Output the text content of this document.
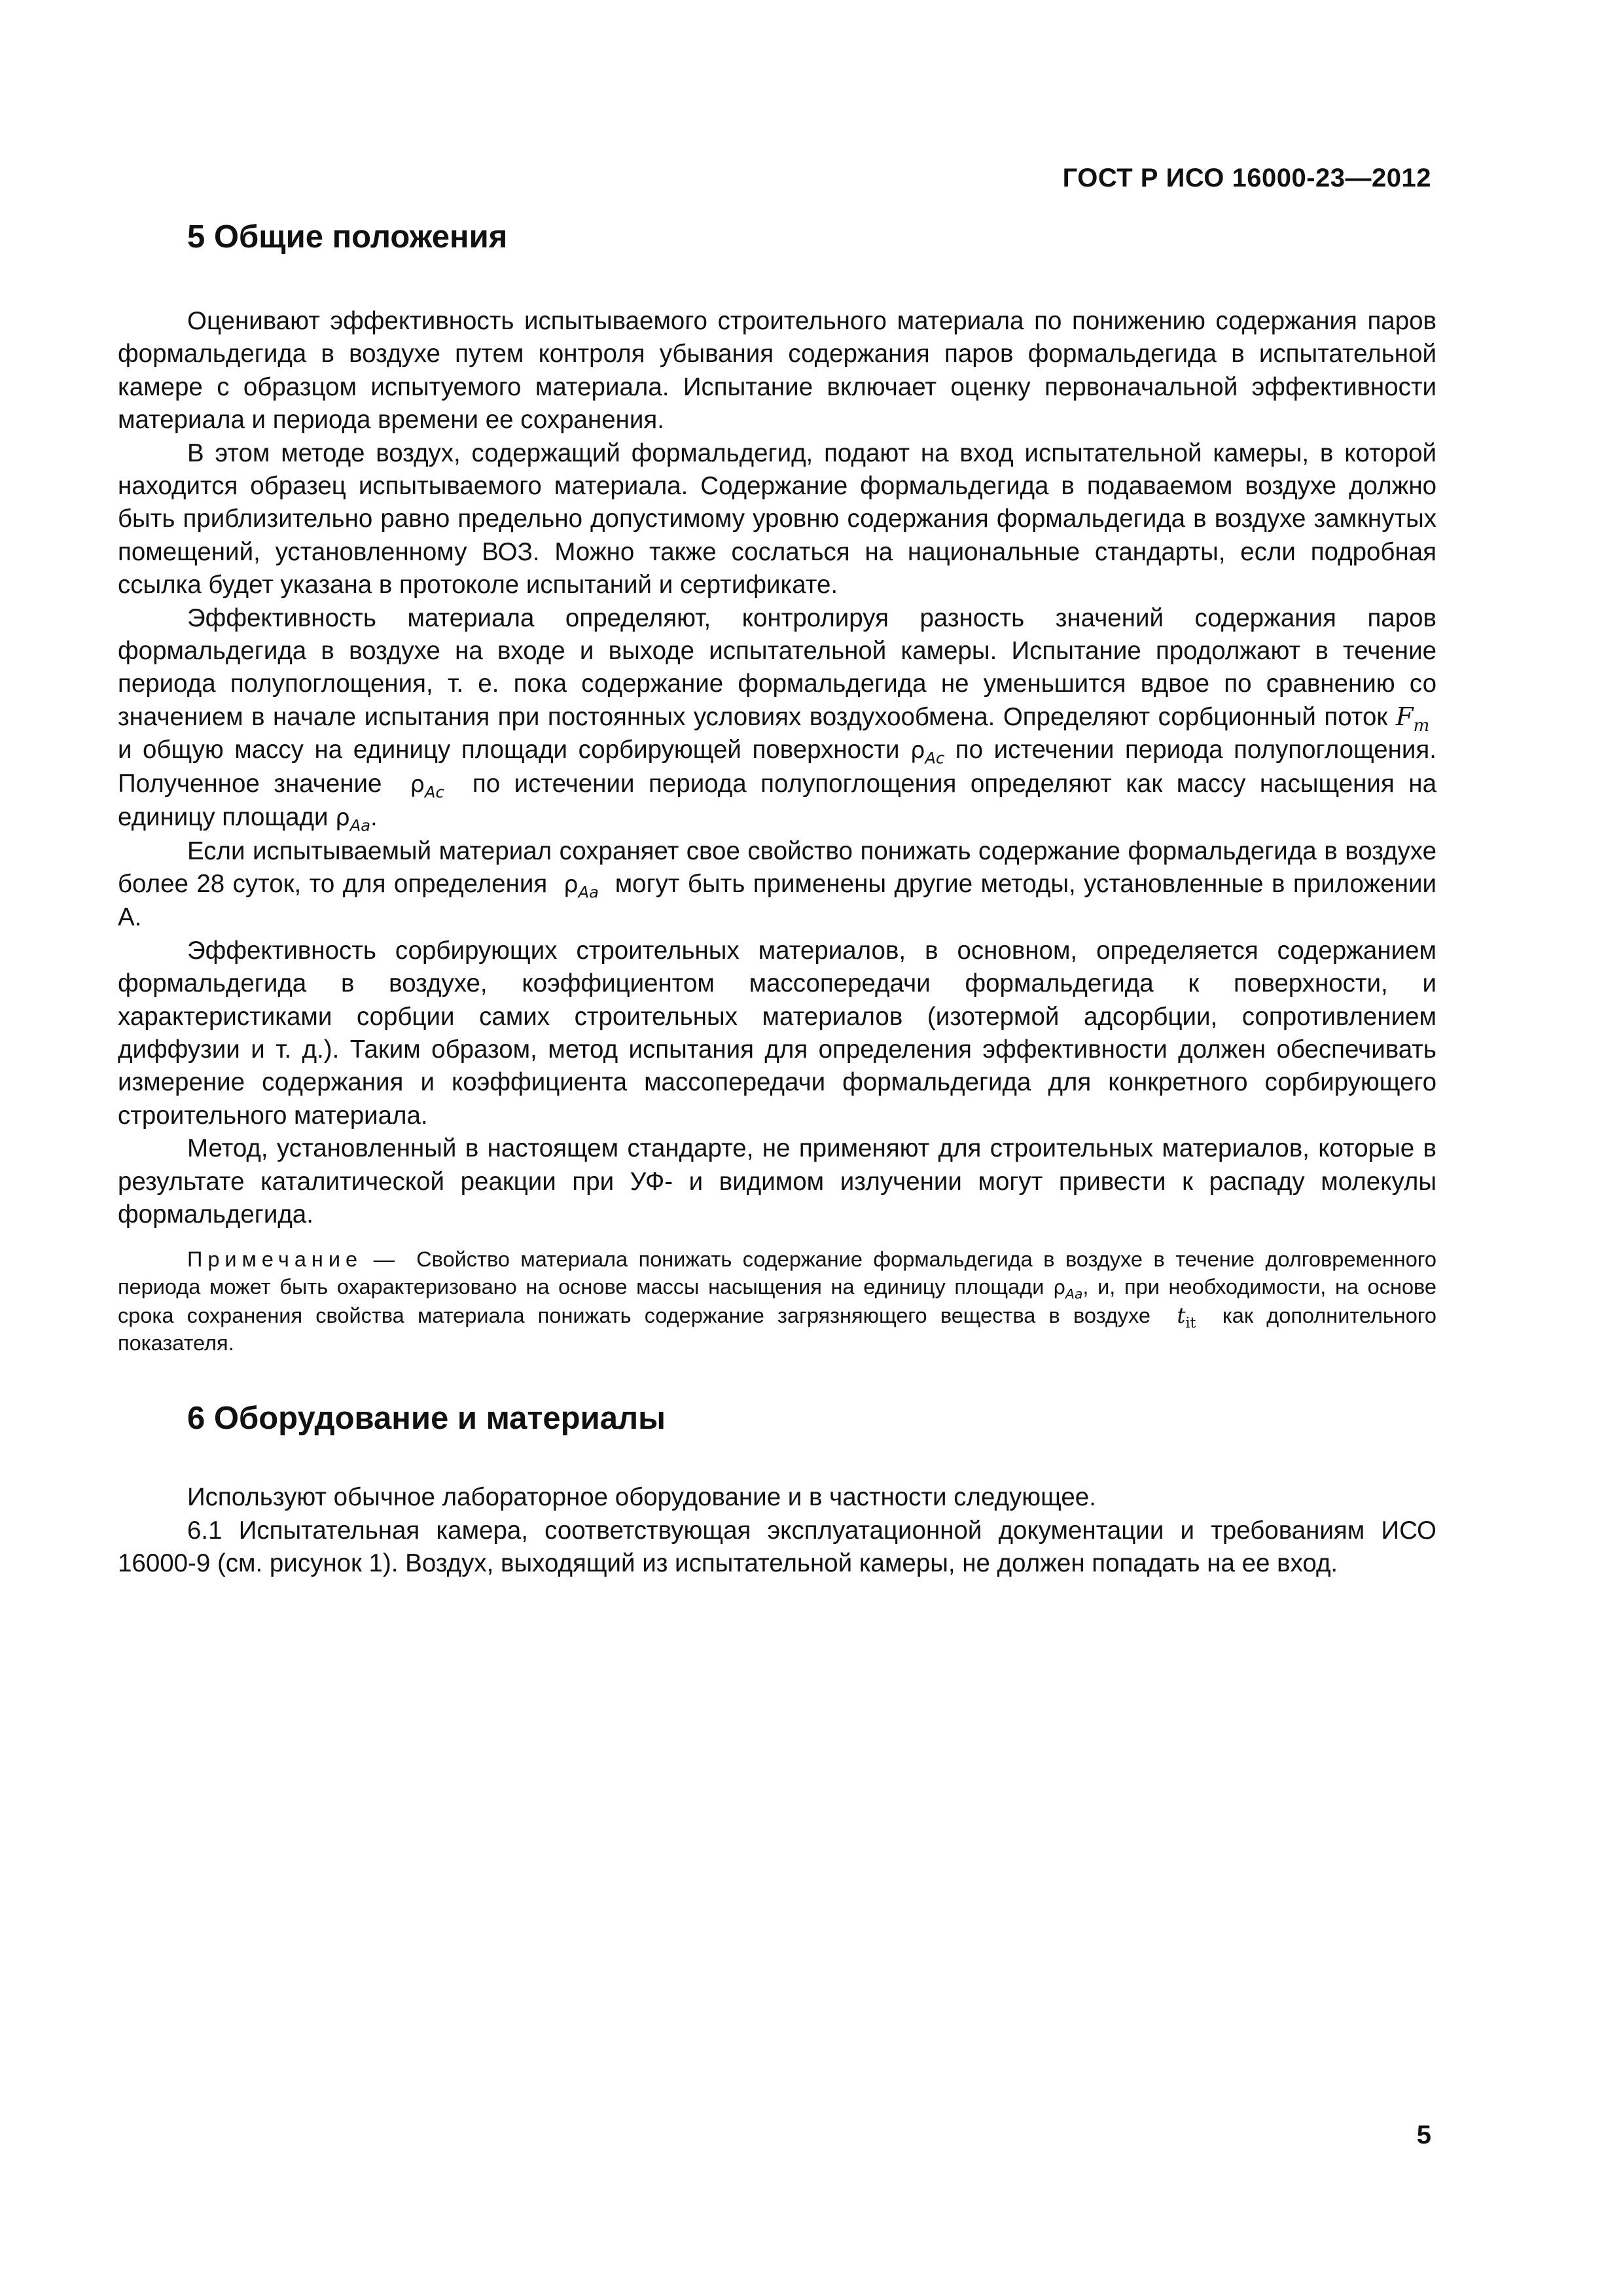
ГОСТ Р ИСО 16000-23—2012
5 Общие положения

Оценивают эффективность испытываемого строительного материала по понижению содержания паров формальдегида в воздухе путем контроля убывания содержания паров формальдегида в испытательной камере с образцом испытуемого материала. Испытание включает оценку первоначальной эффективности материала и периода времени ее сохранения.

В этом методе воздух, содержащий формальдегид, подают на вход испытательной камеры, в которой находится образец испытываемого материала. Содержание формальдегида в подаваемом воздухе должно быть приблизительно равно предельно допустимому уровню содержания формальдегида в воздухе замкнутых помещений, установленному ВОЗ. Можно также сослаться на национальные стандарты, если подробная ссылка будет указана в протоколе испытаний и сертификате.

Эффективность материала определяют, контролируя разность значений содержания паров формальдегида в воздухе на входе и выходе испытательной камеры. Испытание продолжают в течение периода полупоглощения, т. е. пока содержание формальдегида не уменьшится вдвое по сравнению со значением в начале испытания при постоянных условиях воздухообмена. Определяют сорбционный поток $F_m$  и общую массу на единицу площади сорбирующей поверхности $\rho_{Ac}$ по истечении периода полупоглощения. Полученное значение $\rho_{Ac}$ по истечении периода полупоглощения определяют как массу насыщения на единицу площади $\rho_{Aa}$.

Если испытываемый материал сохраняет свое свойство понижать содержание формальдегида в воздухе более 28 суток, то для определения $\rho_{Aa}$ могут быть применены другие методы, установленные в приложении А.

Эффективность сорбирующих строительных материалов, в основном, определяется содержанием формальдегида в воздухе, коэффициентом массопередачи формальдегида к поверхности, и характеристиками сорбции самих строительных материалов (изотермой адсорбции, сопротивлением диффузии и т. д.). Таким образом, метод испытания для определения эффективности должен обеспечивать измерение содержания и коэффициента массопередачи формальдегида для конкретного сорбирующего строительного материала.

Метод, установленный в настоящем стандарте, не применяют для строительных материалов, которые в результате каталитической реакции при УФ- и видимом излучении могут привести к распаду молекулы формальдегида.

Примечание — Свойство материала понижать содержание формальдегида в воздухе в течение долговременного периода может быть охарактеризовано на основе массы насыщения на единицу площади $\rho_{Aa}$, и, при необходимости, на основе срока сохранения свойства материала понижать содержание загрязняющего вещества в воздухе $t_{it}$ как дополнительного показателя.

6 Оборудование и материалы

Используют обычное лабораторное оборудование и в частности следующее.

6.1 Испытательная камера, соответствующая эксплуатационной документации и требованиям ИСО 16000-9 (см. рисунок 1). Воздух, выходящий из испытательной камеры, не должен попадать на ее вход.

5
